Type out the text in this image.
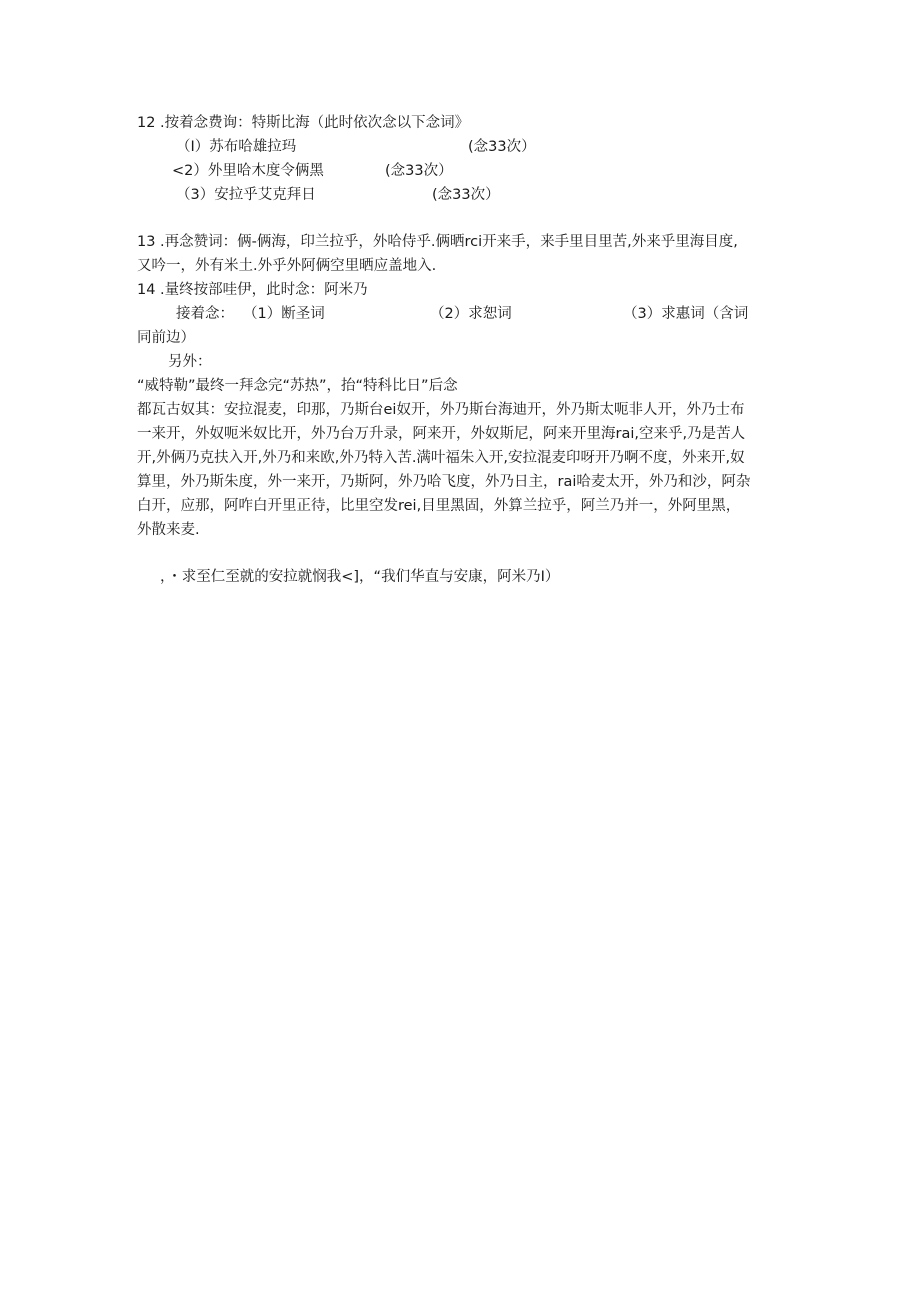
12 .按着念费询：特斯比海（此时依次念以下念词》
（I）苏布哈雄拉玛	(念33次）
<2）外里哈木度令俩黑	(念33次）
（3）安拉乎艾克拜日	(念33次）
13 .再念赞词：俩-俩海，印兰拉乎，外哈侍乎.俩晒rci开来手，来手里目里苦,外来乎里海目度,
又吟一，外有米土.外乎外阿俩空里晒应盖地入.
14 .量终按部哇伊，此时念：阿米乃
接着念： （1）断圣词	（2）求恕词	（3）求惠词（含词
同前边）
另外：
“威特勒”最终一拜念完“苏热”，抬“特科比日”后念
都瓦古奴其：安拉混麦，印那，乃斯台ei奴开，外乃斯台海迪开，外乃斯太呃非人开，外乃士布
一来开，外奴呃米奴比开，外乃台万升录，阿来开，外奴斯尼，阿来开里海rai,空来乎,乃是苦人
开,外俩乃克扶入开,外乃和来欧,外乃特入苦.满叶福朱入开,安拉混麦印呀开乃啊不度，外来开,奴
算里，外乃斯朱度，外一来开，乃斯阿，外乃哈飞度，外乃日主，rai哈麦太开，外乃和沙，阿杂
白开，应那，阿咋白开里正待，比里空发rei,目里黑固，外算兰拉乎，阿兰乃并一，外阿里黑，
外散来麦.
，・求至仁至就的安拉就悯我<]，“我们华直与安康，阿米乃I）
